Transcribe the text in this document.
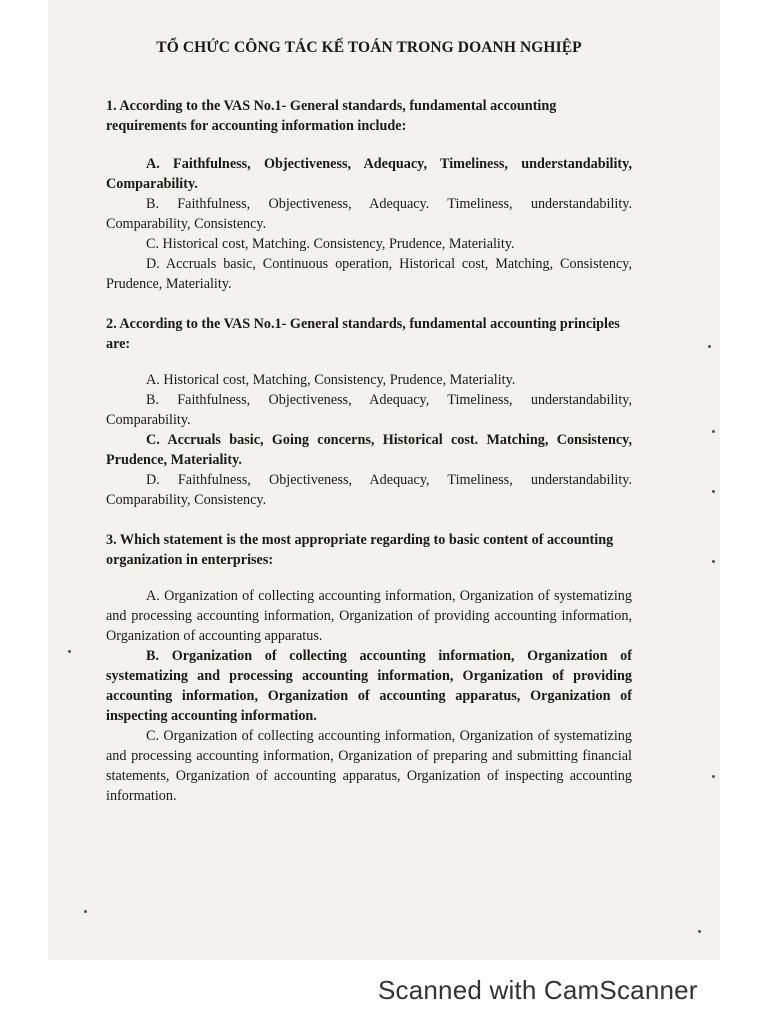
TỔ CHỨC CÔNG TÁC KẾ TOÁN TRONG DOANH NGHIỆP

1. According to the VAS No.1- General standards, fundamental accounting requirements for accounting information include:

A. Faithfulness, Objectiveness, Adequacy, Timeliness, understandability, Comparability.

B. Faithfulness, Objectiveness, Adequacy. Timeliness, understandability. Comparability, Consistency.

C. Historical cost, Matching. Consistency, Prudence, Materiality.

D. Accruals basic, Continuous operation, Historical cost, Matching, Consistency, Prudence, Materiality.

2. According to the VAS No.1- General standards, fundamental accounting principles are:

A. Historical cost, Matching, Consistency, Prudence, Materiality.

B. Faithfulness, Objectiveness, Adequacy, Timeliness, understandability, Comparability.

C. Accruals basic, Going concerns, Historical cost. Matching, Consistency, Prudence, Materiality.

D. Faithfulness, Objectiveness, Adequacy, Timeliness, understandability. Comparability, Consistency.

3. Which statement is the most appropriate regarding to basic content of accounting organization in enterprises:

A. Organization of collecting accounting information, Organization of systematizing and processing accounting information, Organization of providing accounting information, Organization of accounting apparatus.

B. Organization of collecting accounting information, Organization of systematizing and processing accounting information, Organization of providing accounting information, Organization of accounting apparatus, Organization of inspecting accounting information.

C. Organization of collecting accounting information, Organization of systematizing and processing accounting information, Organization of preparing and submitting financial statements, Organization of accounting apparatus, Organization of inspecting accounting information.

Scanned with CamScanner
